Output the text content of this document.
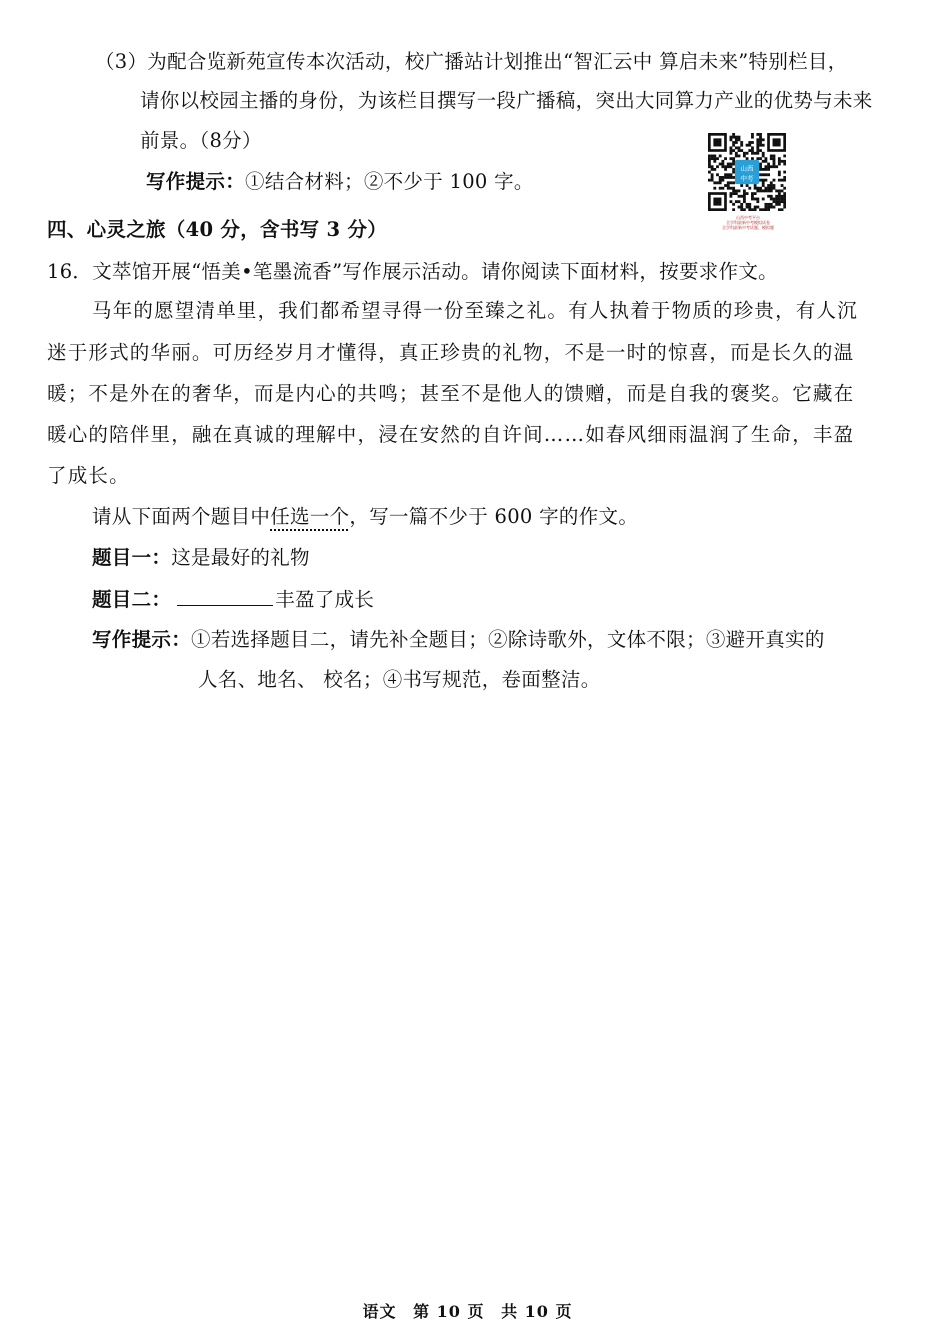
（3）为配合览新苑宣传本次活动，校广播站计划推出“智汇云中 算启未来”特别栏目，
请你以校园主播的身份，为该栏目撰写一段广播稿，突出大同算力产业的优势与未来
前景。（8分）
写作提示：①结合材料；②不少于 100 字。
山西
中考
山西中考平台
全学科最新中考模拟试卷
全学科最新中考试题、模拟题
四、心灵之旅（40 分，含书写 3 分）
16．文萃馆开展“悟美•笔墨流香”写作展示活动。请你阅读下面材料，按要求作文。
马年的愿望清单里，我们都希望寻得一份至臻之礼。有人执着于物质的珍贵，有人沉
迷于形式的华丽。可历经岁月才懂得，真正珍贵的礼物，不是一时的惊喜，而是长久的温
暖；不是外在的奢华，而是内心的共鸣；甚至不是他人的馈赠，而是自我的褒奖。它藏在
暖心的陪伴里，融在真诚的理解中，浸在安然的自许间……如春风细雨温润了生命，丰盈
了成长。
请从下面两个题目中任选一个，写一篇不少于 600 字的作文。
题目一：这是最好的礼物
题目二：	丰盈了成长
写作提示：①若选择题目二，请先补全题目；②除诗歌外，文体不限；③避开真实的
人名、地名、 校名；④书写规范，卷面整洁。
语文 第 10 页 共 10 页
